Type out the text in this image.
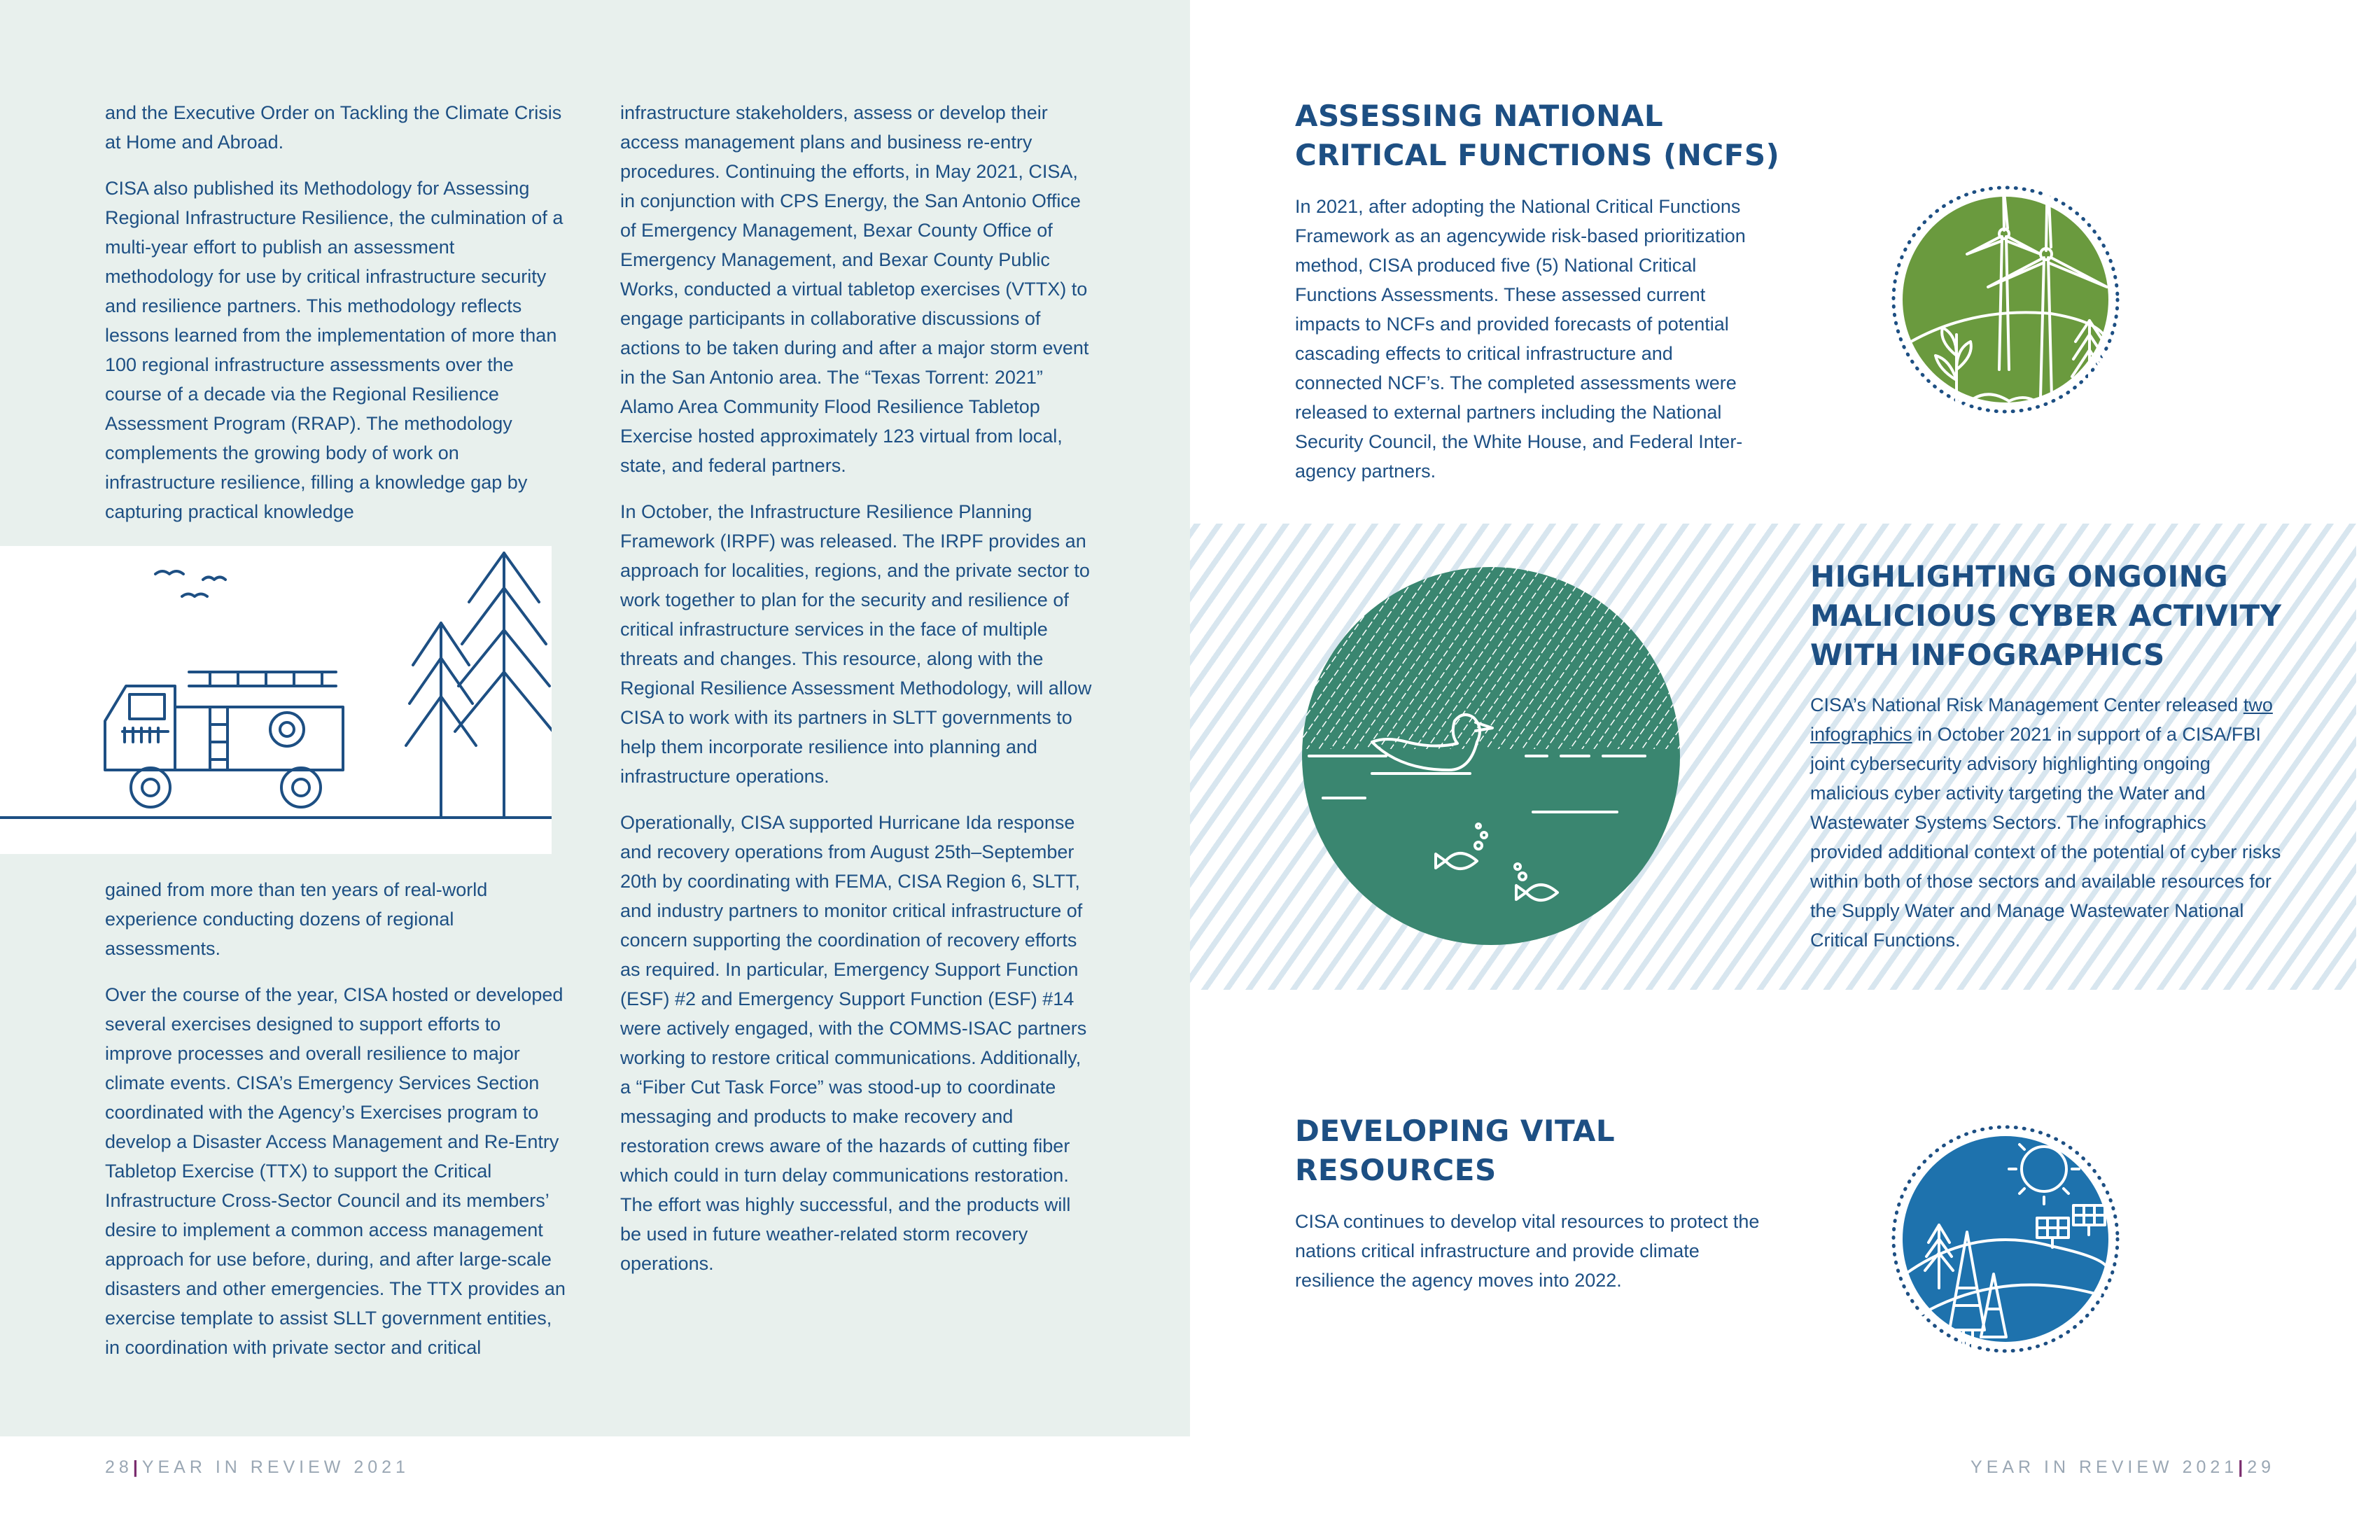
and the Executive Order on Tackling the Climate Crisis at Home and Abroad.

CISA also published its Methodology for Assessing Regional Infrastructure Resilience, the culmination of a multi-year effort to publish an assessment methodology for use by critical infrastructure security and resilience partners. This methodology reflects lessons learned from the implementation of more than 100 regional infrastructure assessments over the course of a decade via the Regional Resilience Assessment Program (RRAP). The methodology complements the growing body of work on infrastructure resilience, filling a knowledge gap by capturing practical knowledge

gained from more than ten years of real-world experience conducting dozens of regional assessments.

Over the course of the year, CISA hosted or developed several exercises designed to support efforts to improve processes and overall resilience to major climate events. CISA’s Emergency Services Section coordinated with the Agency’s Exercises program to develop a Disaster Access Management and Re-Entry Tabletop Exercise (TTX) to support the Critical Infrastructure Cross-Sector Council and its members’ desire to implement a common access management approach for use before, during, and after large-scale disasters and other emergencies. The TTX provides an exercise template to assist SLLT government entities, in coordination with private sector and critical

infrastructure stakeholders, assess or develop their access management plans and business re-entry procedures. Continuing the efforts, in May 2021, CISA, in conjunction with CPS Energy, the San Antonio Office of Emergency Management, Bexar County Office of Emergency Management, and Bexar County Public Works, conducted a virtual tabletop exercises (VTTX) to engage participants in collaborative discussions of actions to be taken during and after a major storm event in the San Antonio area. The “Texas Torrent: 2021” Alamo Area Community Flood Resilience Tabletop Exercise hosted approximately 123 virtual from local, state, and federal partners.

In October, the Infrastructure Resilience Planning Framework (IRPF) was released. The IRPF provides an approach for localities, regions, and the private sector to work together to plan for the security and resilience of critical infrastructure services in the face of multiple threats and changes. This resource, along with the Regional Resilience Assessment Methodology, will allow CISA to work with its partners in SLTT governments to help them incorporate resilience into planning and infrastructure operations.

Operationally, CISA supported Hurricane Ida response and recovery operations from August 25th–September 20th by coordinating with FEMA, CISA Region 6, SLTT, and industry partners to monitor critical infrastructure of concern supporting the coordination of recovery efforts as required. In particular, Emergency Support Function (ESF) #2 and Emergency Support Function (ESF) #14 were actively engaged, with the COMMS-ISAC partners working to restore critical communications. Additionally, a “Fiber Cut Task Force” was stood-up to coordinate messaging and products to make recovery and restoration crews aware of the hazards of cutting fiber which could in turn delay communications restoration. The effort was highly successful, and the products will be used in future weather-related storm recovery operations.

ASSESSING NATIONAL CRITICAL FUNCTIONS (NCFS)

In 2021, after adopting the National Critical Functions Framework as an agencywide risk-based prioritization method, CISA produced five (5) National Critical Functions Assessments. These assessed current impacts to NCFs and provided forecasts of potential cascading effects to critical infrastructure and connected NCF’s. The completed assessments were released to external partners including the National Security Council, the White House, and Federal Inter-agency partners.

HIGHLIGHTING ONGOING MALICIOUS CYBER ACTIVITY WITH INFOGRAPHICS

CISA’s National Risk Management Center released two infographics in October 2021 in support of a CISA/FBI joint cybersecurity advisory highlighting ongoing malicious cyber activity targeting the Water and Wastewater Systems Sectors. The infographics provided additional context of the potential of cyber risks within both of those sectors and available resources for the Supply Water and Manage Wastewater National Critical Functions.

DEVELOPING VITAL RESOURCES

CISA continues to develop vital resources to protect the nations critical infrastructure and provide climate resilience the agency moves into 2022.

28|YEAR IN REVIEW 2021	YEAR IN REVIEW 2021|29
